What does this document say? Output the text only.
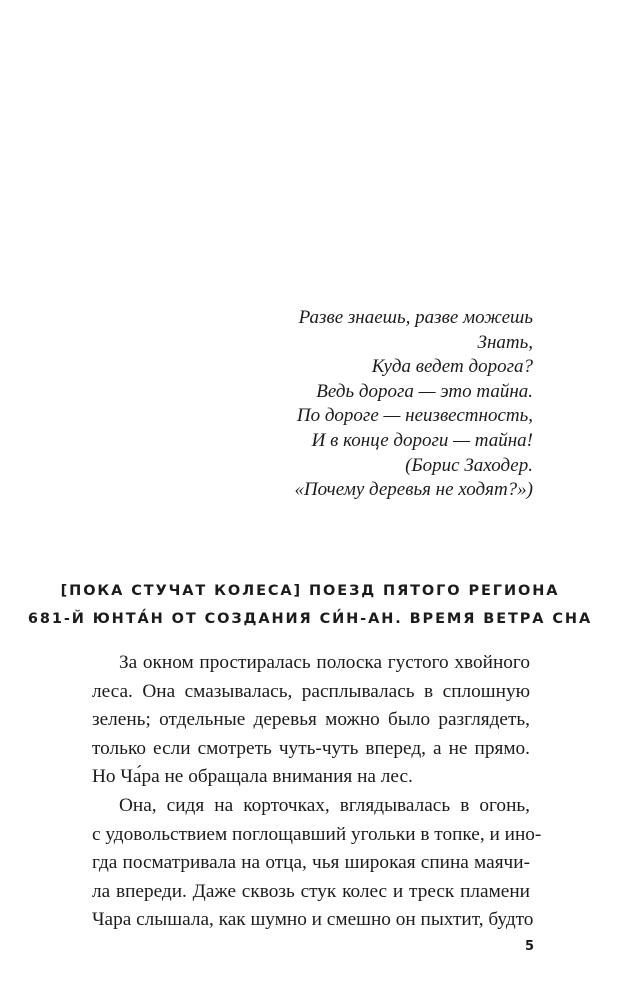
Разве знаешь, разве можешь
Знать,
Куда ведет дорога?
Ведь дорога — это тайна.
По дороге — неизвестность,
И в конце дороги — тайна!
(Борис Заходер.
«Почему деревья не ходят?»)
[ПОКА СТУЧАТ КОЛЕСА] ПОЕЗД ПЯТОГО РЕГИОНА
681-Й ЮНТА́Н ОТ СОЗДАНИЯ СИ́Н-АН. ВРЕМЯ ВЕТРА СНА
За окном простиралась полоска густого хвойного
леса. Она смазывалась, расплывалась в сплошную
зелень; отдельные деревья можно было разглядеть,
только если смотреть чуть-чуть вперед, а не прямо.
Но Ча́ра не обращала внимания на лес.
Она, сидя на корточках, вглядывалась в огонь,
с удовольствием поглощавший угольки в топке, и ино-
гда посматривала на отца, чья широкая спина маячи-
ла впереди. Даже сквозь стук колес и треск пламени
Чара слышала, как шумно и смешно он пыхтит, будто
5
